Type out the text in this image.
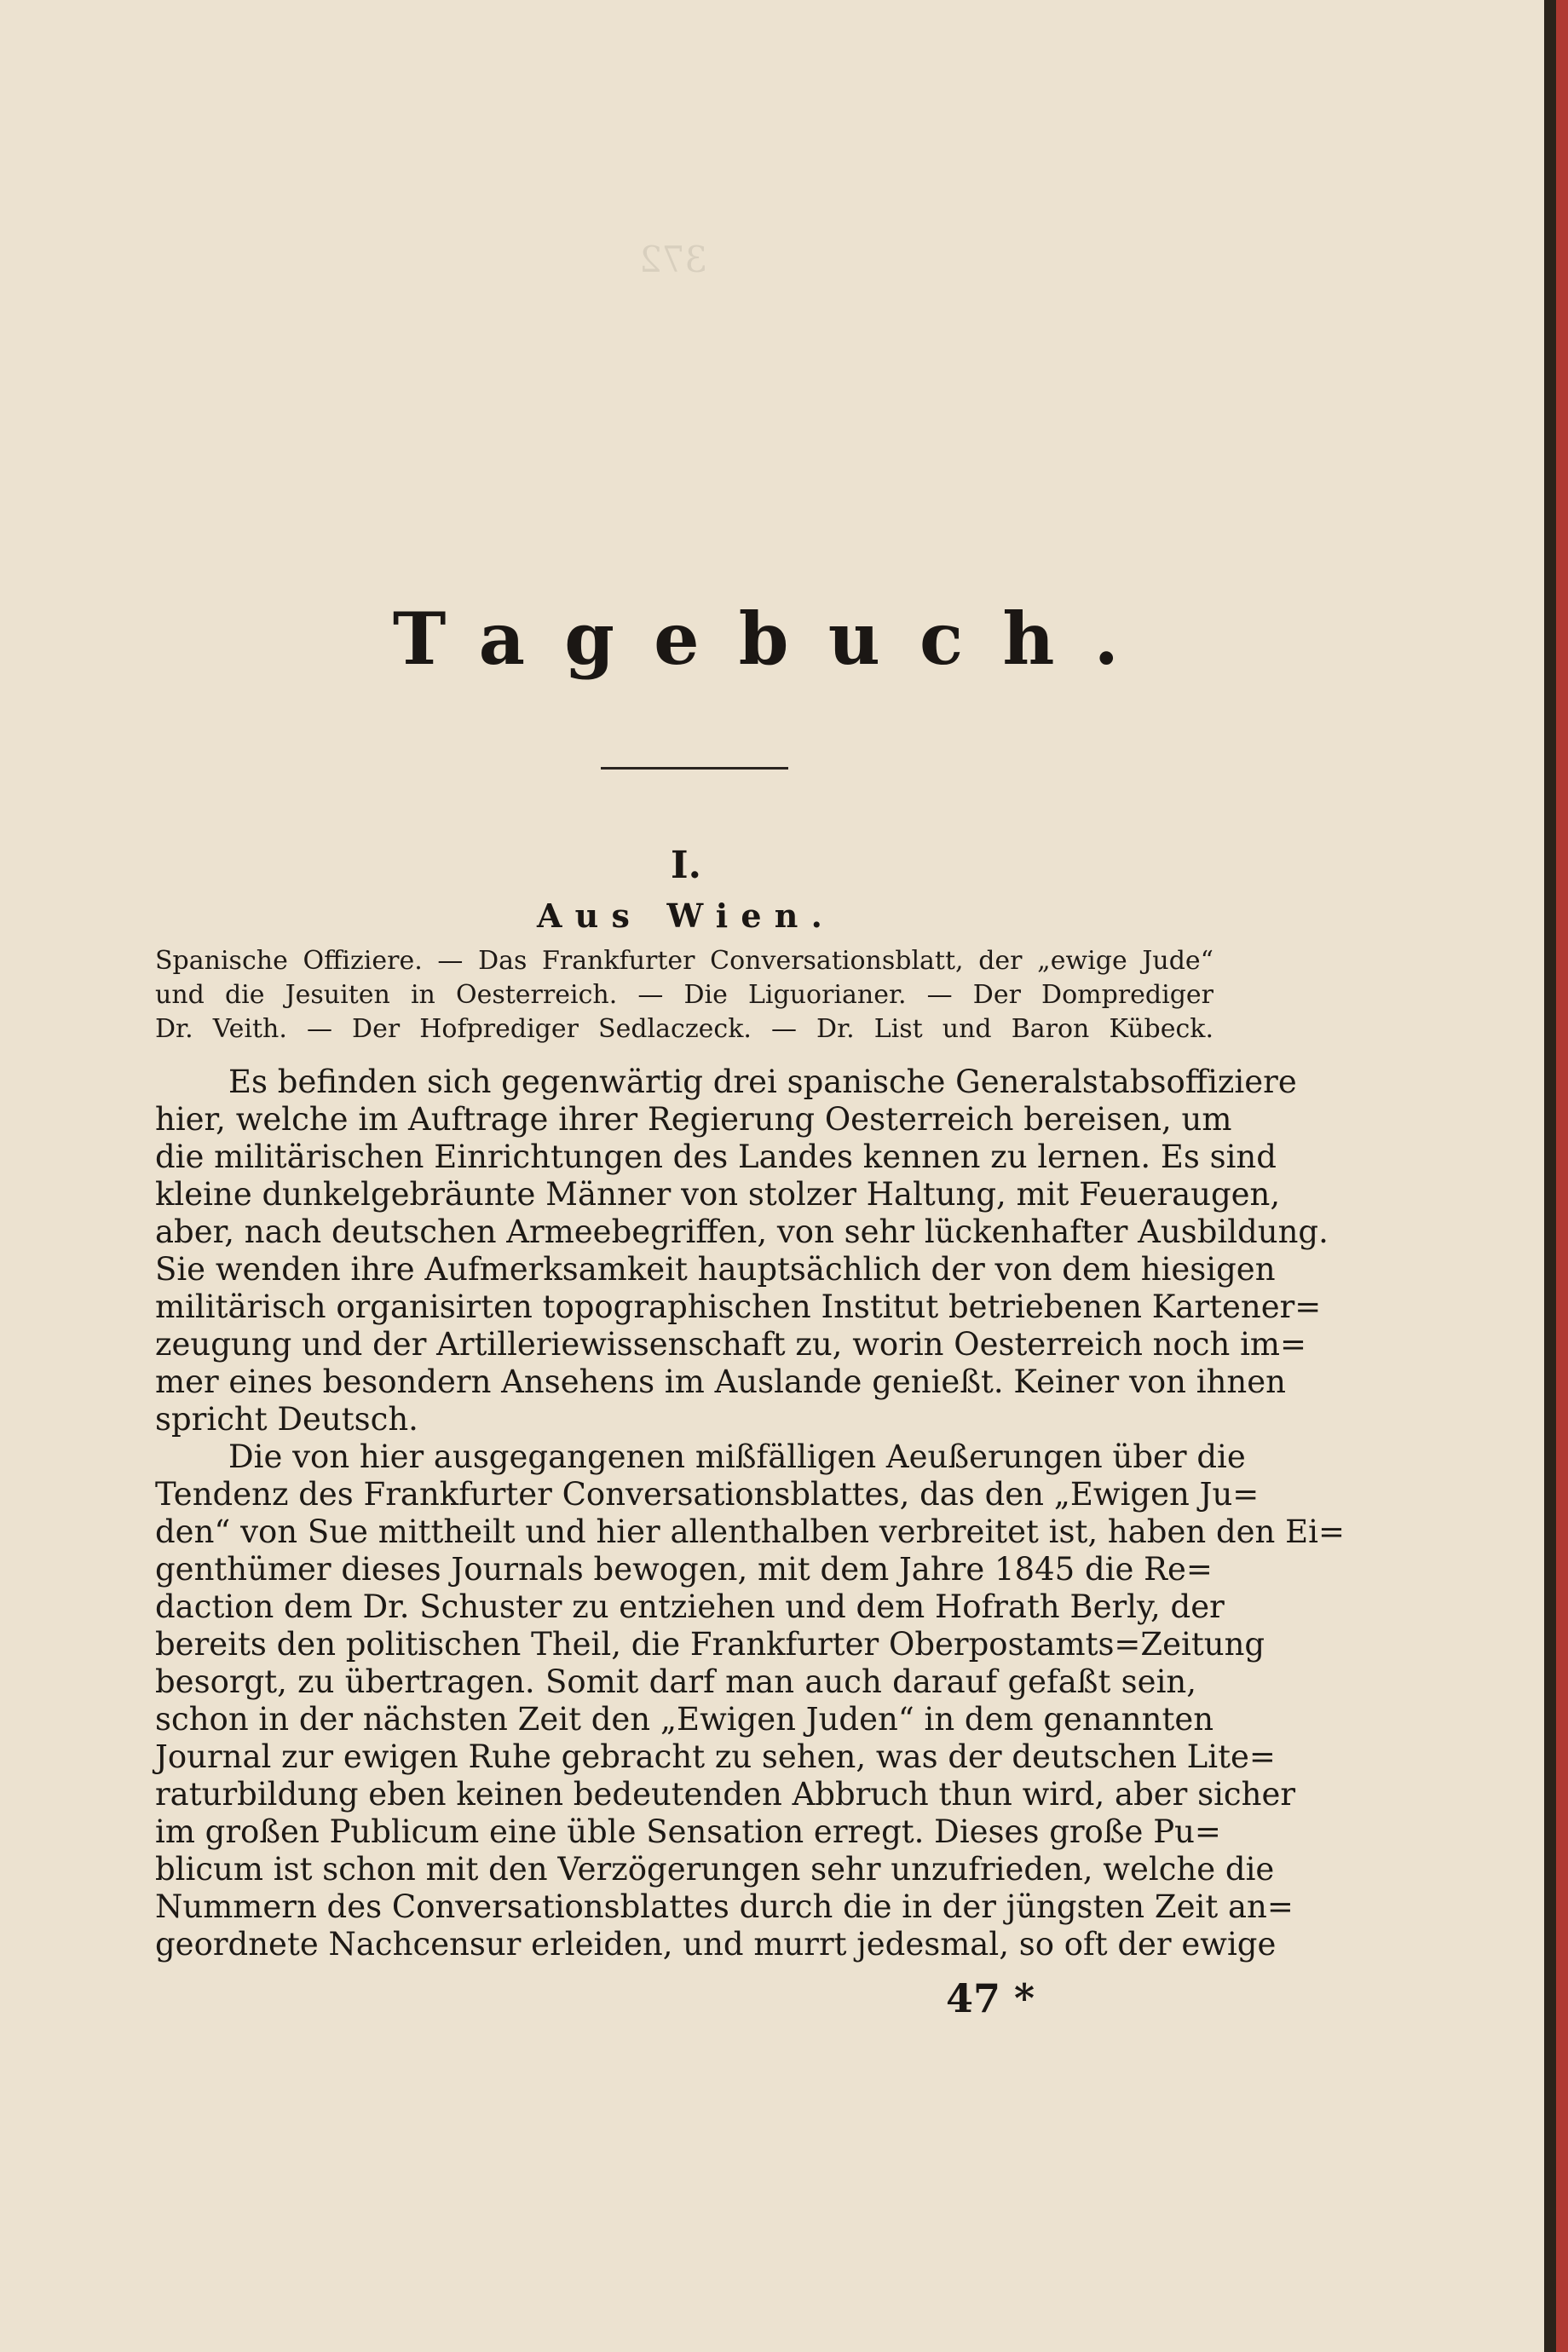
372
Tagebuch.
I.
Aus Wien.
Spanische Offiziere. — Das Frankfurter Conversationsblatt, der „ewige Jude“
und die Jesuiten in Oesterreich. — Die Liguorianer. — Der Domprediger
Dr. Veith. — Der Hofprediger Sedlaczeck. — Dr. List und Baron Kübeck.
Es befinden sich gegenwärtig drei spanische Generalstabsoffiziere
hier, welche im Auftrage ihrer Regierung Oesterreich bereisen, um
die militärischen Einrichtungen des Landes kennen zu lernen. Es sind
kleine dunkelgebräunte Männer von stolzer Haltung, mit Feueraugen,
aber, nach deutschen Armeebegriffen, von sehr lückenhafter Ausbildung.
Sie wenden ihre Aufmerksamkeit hauptsächlich der von dem hiesigen
militärisch organisirten topographischen Institut betriebenen Kartener=
zeugung und der Artilleriewissenschaft zu, worin Oesterreich noch im=
mer eines besondern Ansehens im Auslande genießt. Keiner von ihnen
spricht Deutsch.
Die von hier ausgegangenen mißfälligen Aeußerungen über die
Tendenz des Frankfurter Conversationsblattes, das den „Ewigen Ju=
den“ von Sue mittheilt und hier allenthalben verbreitet ist, haben den Ei=
genthümer dieses Journals bewogen, mit dem Jahre 1845 die Re=
daction dem Dr. Schuster zu entziehen und dem Hofrath Berly, der
bereits den politischen Theil, die Frankfurter Oberpostamts=Zeitung
besorgt, zu übertragen. Somit darf man auch darauf gefaßt sein,
schon in der nächsten Zeit den „Ewigen Juden“ in dem genannten
Journal zur ewigen Ruhe gebracht zu sehen, was der deutschen Lite=
raturbildung eben keinen bedeutenden Abbruch thun wird, aber sicher
im großen Publicum eine üble Sensation erregt. Dieses große Pu=
blicum ist schon mit den Verzögerungen sehr unzufrieden, welche die
Nummern des Conversationsblattes durch die in der jüngsten Zeit an=
geordnete Nachcensur erleiden, und murrt jedesmal, so oft der ewige
47 *
